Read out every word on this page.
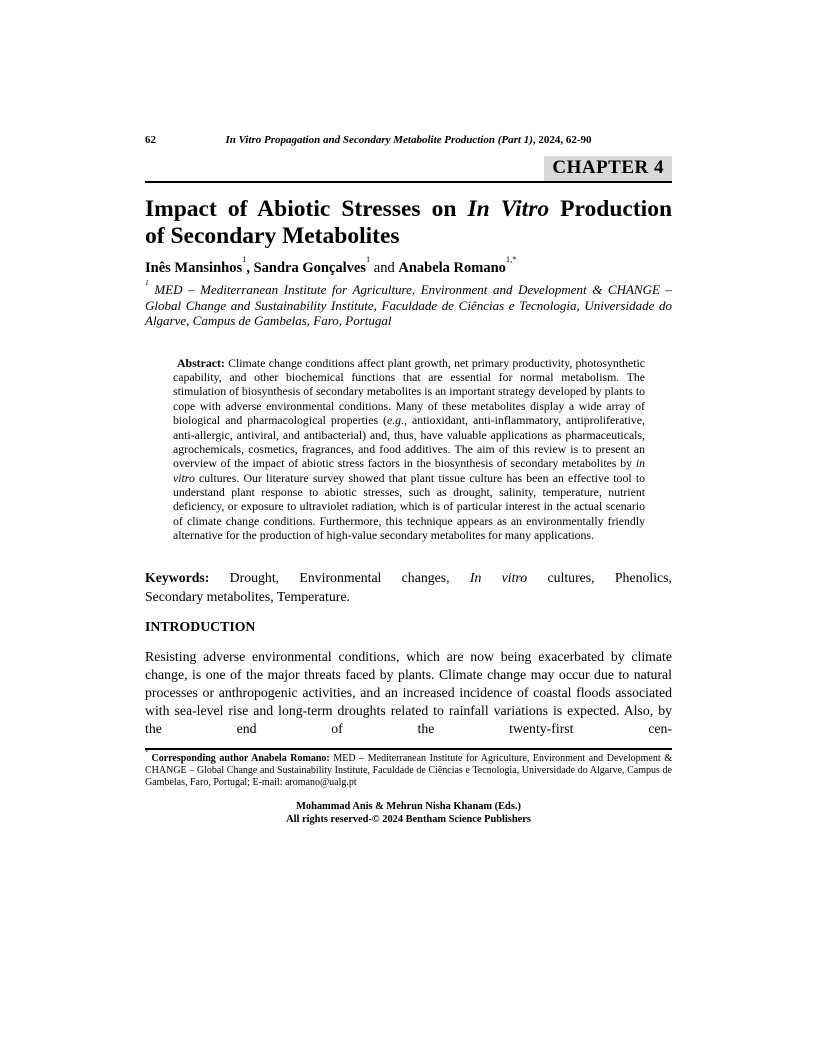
62	In Vitro Propagation and Secondary Metabolite Production (Part 1), 2024, 62-90
CHAPTER 4
Impact of Abiotic Stresses on In Vitro Production
of Secondary Metabolites

Inês Mansinhos$^1$, Sandra Gonçalves$^1$ and Anabela Romano$^{1,*}$

$^1$ MED – Mediterranean Institute for Agriculture, Environment and Development & CHANGE – Global Change and Sustainability Institute, Faculdade de Ciências e Tecnologia, Universidade do Algarve, Campus de Gambelas, Faro, Portugal

Abstract: Climate change conditions affect plant growth, net primary productivity, photosynthetic capability, and other biochemical functions that are essential for normal metabolism. The stimulation of biosynthesis of secondary metabolites is an important strategy developed by plants to cope with adverse environmental conditions. Many of these metabolites display a wide array of biological and pharmacological properties (e.g., antioxidant, anti-inflammatory, antiproliferative, anti-allergic, antiviral, and antibacterial) and, thus, have valuable applications as pharmaceuticals, agrochemicals, cosmetics, fragrances, and food additives. The aim of this review is to present an overview of the impact of abiotic stress factors in the biosynthesis of secondary metabolites by in vitro cultures. Our literature survey showed that plant tissue culture has been an effective tool to understand plant response to abiotic stresses, such as drought, salinity, temperature, nutrient deficiency, or exposure to ultraviolet radiation, which is of particular interest in the actual scenario of climate change conditions. Furthermore, this technique appears as an environmentally friendly alternative for the production of high-value secondary metabolites for many applications.

Keywords: Drought, Environmental changes, In vitro cultures, Phenolics,
Secondary metabolites, Temperature.
INTRODUCTION

Resisting adverse environmental conditions, which are now being exacerbated by climate change, is one of the major threats faced by plants. Climate change may occur due to natural processes or anthropogenic activities, and an increased incidence of coastal floods associated with sea-level rise and long-term droughts related to rainfall variations is expected. Also, by the end of the twenty-first cen-

* Corresponding author Anabela Romano: MED – Mediterranean Institute for Agriculture, Environment and Development & CHANGE – Global Change and Sustainability Institute, Faculdade de Ciências e Tecnologia, Universidade do Algarve, Campus de Gambelas, Faro, Portugal; E-mail: aromano@ualg.pt

Mohammad Anis & Mehrun Nisha Khanam (Eds.)
All rights reserved-© 2024 Bentham Science Publishers
